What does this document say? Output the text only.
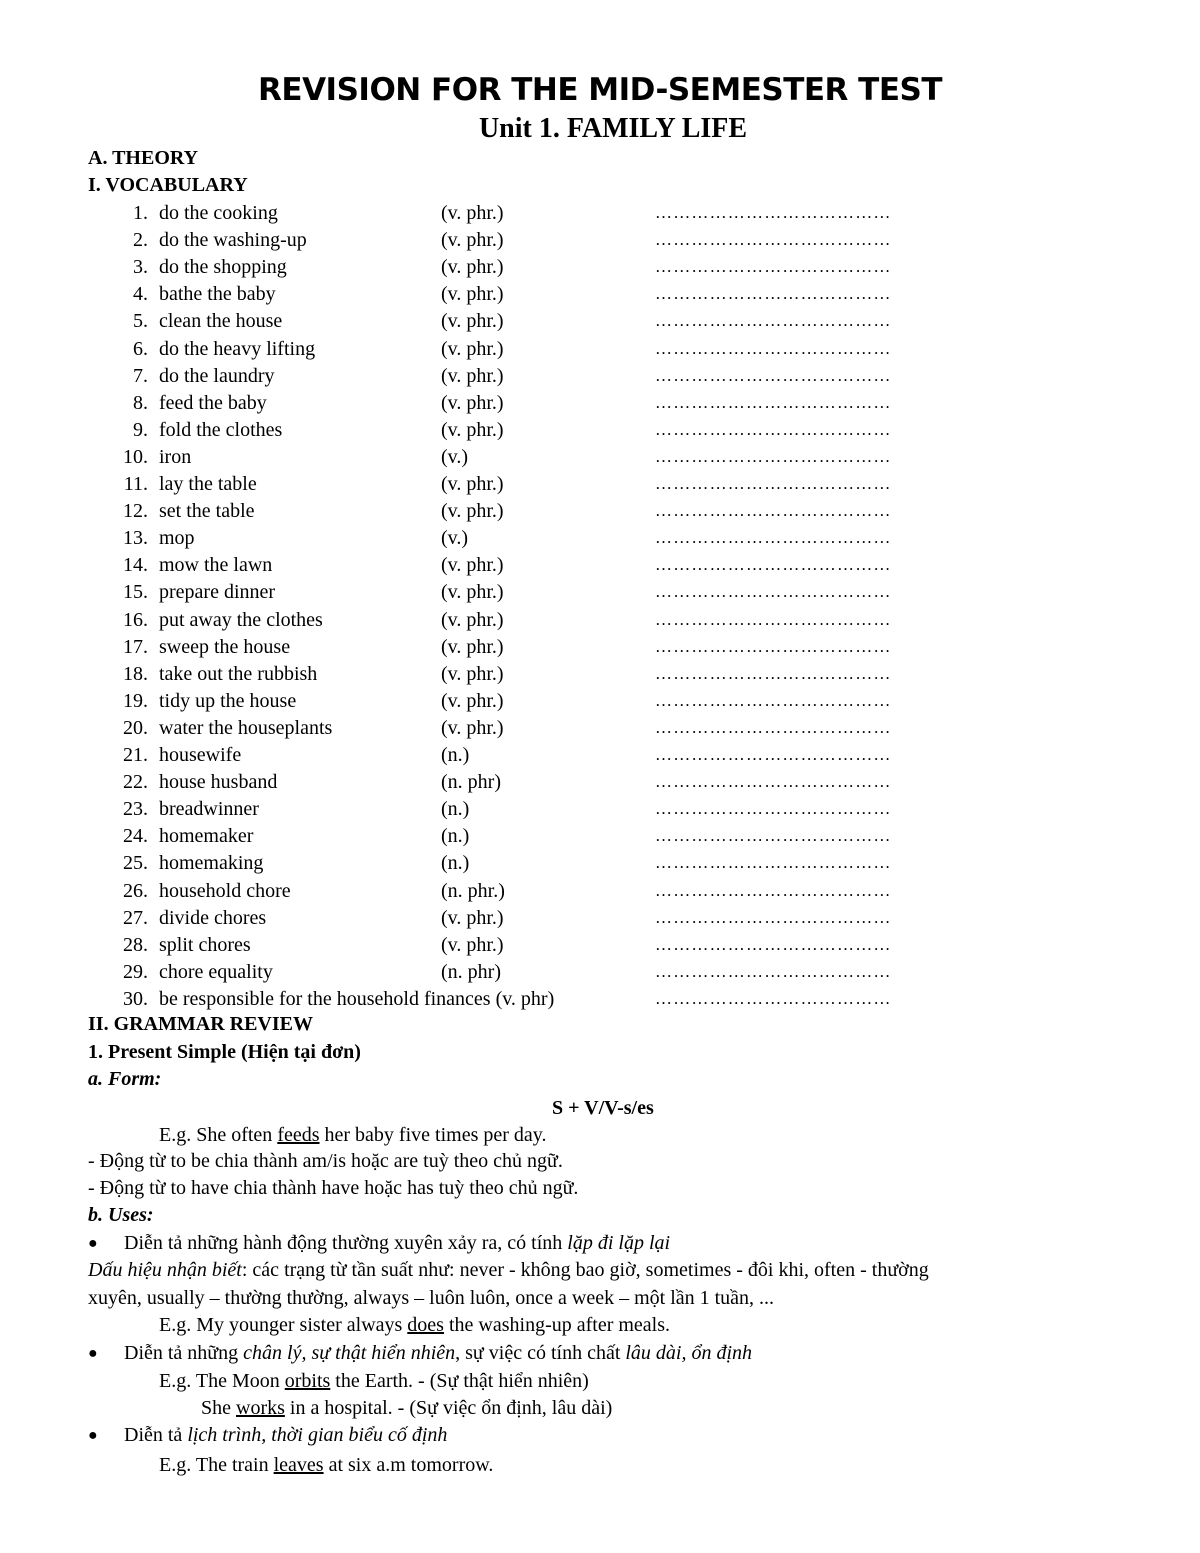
REVISION FOR THE MID-SEMESTER TEST
Unit 1. FAMILY LIFE
A. THEORY
I. VOCABULARY
1. do the cooking	(v. phr.)	…………………………………
2. do the washing-up	(v. phr.)	…………………………………
3. do the shopping	(v. phr.)	…………………………………
4. bathe the baby	(v. phr.)	…………………………………
5. clean the house	(v. phr.)	…………………………………
6. do the heavy lifting	(v. phr.)	…………………………………
7. do the laundry	(v. phr.)	…………………………………
8. feed the baby	(v. phr.)	…………………………………
9. fold the clothes	(v. phr.)	…………………………………
10. iron	(v.)	…………………………………
11. lay the table	(v. phr.)	…………………………………
12. set the table	(v. phr.)	…………………………………
13. mop	(v.)	…………………………………
14. mow the lawn	(v. phr.)	…………………………………
15. prepare dinner	(v. phr.)	…………………………………
16. put away the clothes	(v. phr.)	…………………………………
17. sweep the house	(v. phr.)	…………………………………
18. take out the rubbish	(v. phr.)	…………………………………
19. tidy up the house	(v. phr.)	…………………………………
20. water the houseplants	(v. phr.)	…………………………………
21. housewife	(n.)	…………………………………
22. house husband	(n. phr)	…………………………………
23. breadwinner	(n.)	…………………………………
24. homemaker	(n.)	…………………………………
25. homemaking	(n.)	…………………………………
26. household chore	(n. phr.)	…………………………………
27. divide chores	(v. phr.)	…………………………………
28. split chores	(v. phr.)	…………………………………
29. chore equality	(n. phr)	…………………………………
30. be responsible for the household finances (v. phr)	…………………………………
II. GRAMMAR REVIEW
1. Present Simple (Hiện tại đơn)
a. Form:
S + V/V-s/es
E.g. She often feeds her baby five times per day.
- Động từ to be chia thành am/is hoặc are tuỳ theo chủ ngữ.
- Động từ to have chia thành have hoặc has tuỳ theo chủ ngữ.
b. Uses:
● Diễn tả những hành động thường xuyên xảy ra, có tính lặp đi lặp lại
Dấu hiệu nhận biết: các trạng từ tần suất như: never - không bao giờ, sometimes - đôi khi, often - thường
xuyên, usually – thường thường, always – luôn luôn, once a week – một lần 1 tuần, ...
E.g. My younger sister always does the washing-up after meals.
● Diễn tả những chân lý, sự thật hiển nhiên, sự việc có tính chất lâu dài, ổn định
E.g. The Moon orbits the Earth. - (Sự thật hiển nhiên)
She works in a hospital. - (Sự việc ổn định, lâu dài)
● Diễn tả lịch trình, thời gian biểu cố định
E.g. The train leaves at six a.m tomorrow.
